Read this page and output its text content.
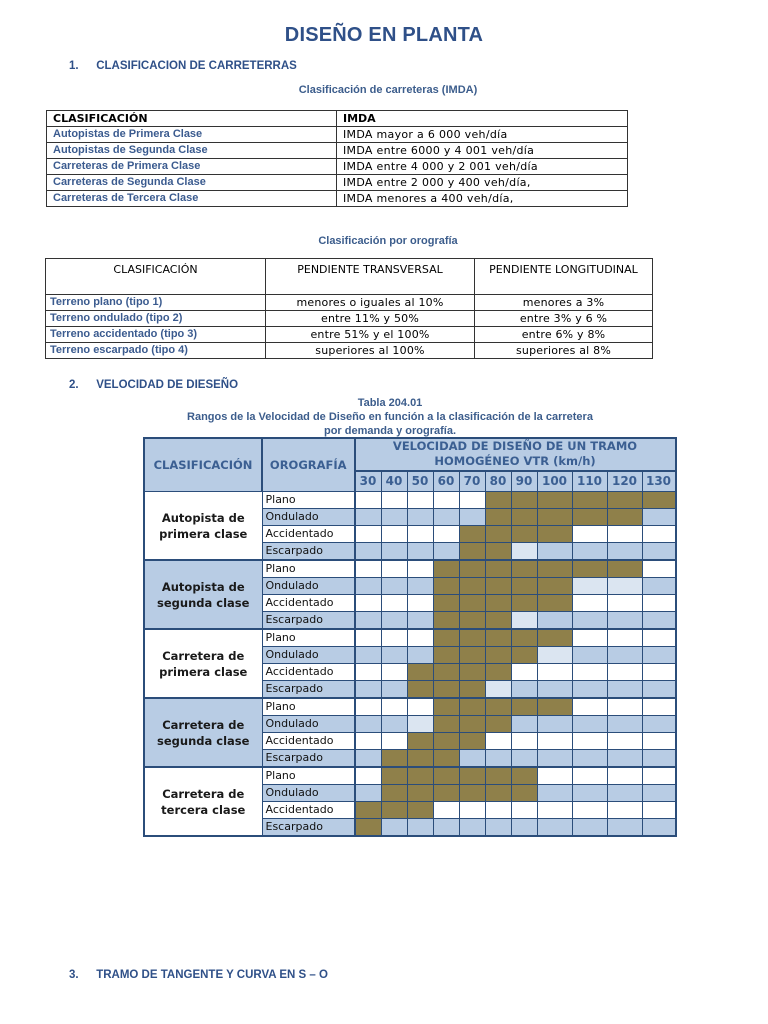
DISEÑO EN PLANTA
1. CLASIFICACION DE CARRETERRAS
Clasificación de carreteras (IMDA)
CLASIFICACIÓN	IMDA
Autopistas de Primera Clase	IMDA mayor a 6 000 veh/día
Autopistas de Segunda Clase	IMDA entre 6000 y 4 001 veh/día
Carreteras de Primera Clase	IMDA entre 4 000 y 2 001 veh/día
Carreteras de Segunda Clase	IMDA entre 2 000 y 400 veh/día,
Carreteras de Tercera Clase	IMDA menores a 400 veh/día,
Clasificación por orografía
CLASIFICACIÓN	PENDIENTE TRANSVERSAL	PENDIENTE LONGITUDINAL
Terreno plano (tipo 1)	menores o iguales al 10%	menores a 3%
Terreno ondulado (tipo 2)	entre 11% y 50%	entre 3% y 6 %
Terreno accidentado (tipo 3)	entre 51% y el 100%	entre 6% y 8%
Terreno escarpado (tipo 4)	superiores al 100%	superiores al 8%
2. VELOCIDAD DE DIESEÑO
Tabla 204.01
Rangos de la Velocidad de Diseño en función a la clasificación de la carretera
por demanda y orografía.
CLASIFICACIÓN	OROGRAFÍA	VELOCIDAD DE DISEÑO DE UN TRAMO
HOMOGÉNEO VTR (km/h)										

		30	40	50	60	70	80	90	100	110	120	130

Autopista de
primera clase	Plano											
	Ondulado											
	Accidentado											
	Escarpado											

Autopista de
segunda clase	Plano											
	Ondulado											
	Accidentado											
	Escarpado											

Carretera de
primera clase	Plano											
	Ondulado											
	Accidentado											
	Escarpado											

Carretera de
segunda clase	Plano											
	Ondulado											
	Accidentado											
	Escarpado											

Carretera de
tercera clase	Plano											
	Ondulado											
	Accidentado											
	Escarpado											
3. TRAMO DE TANGENTE Y CURVA EN S – O
